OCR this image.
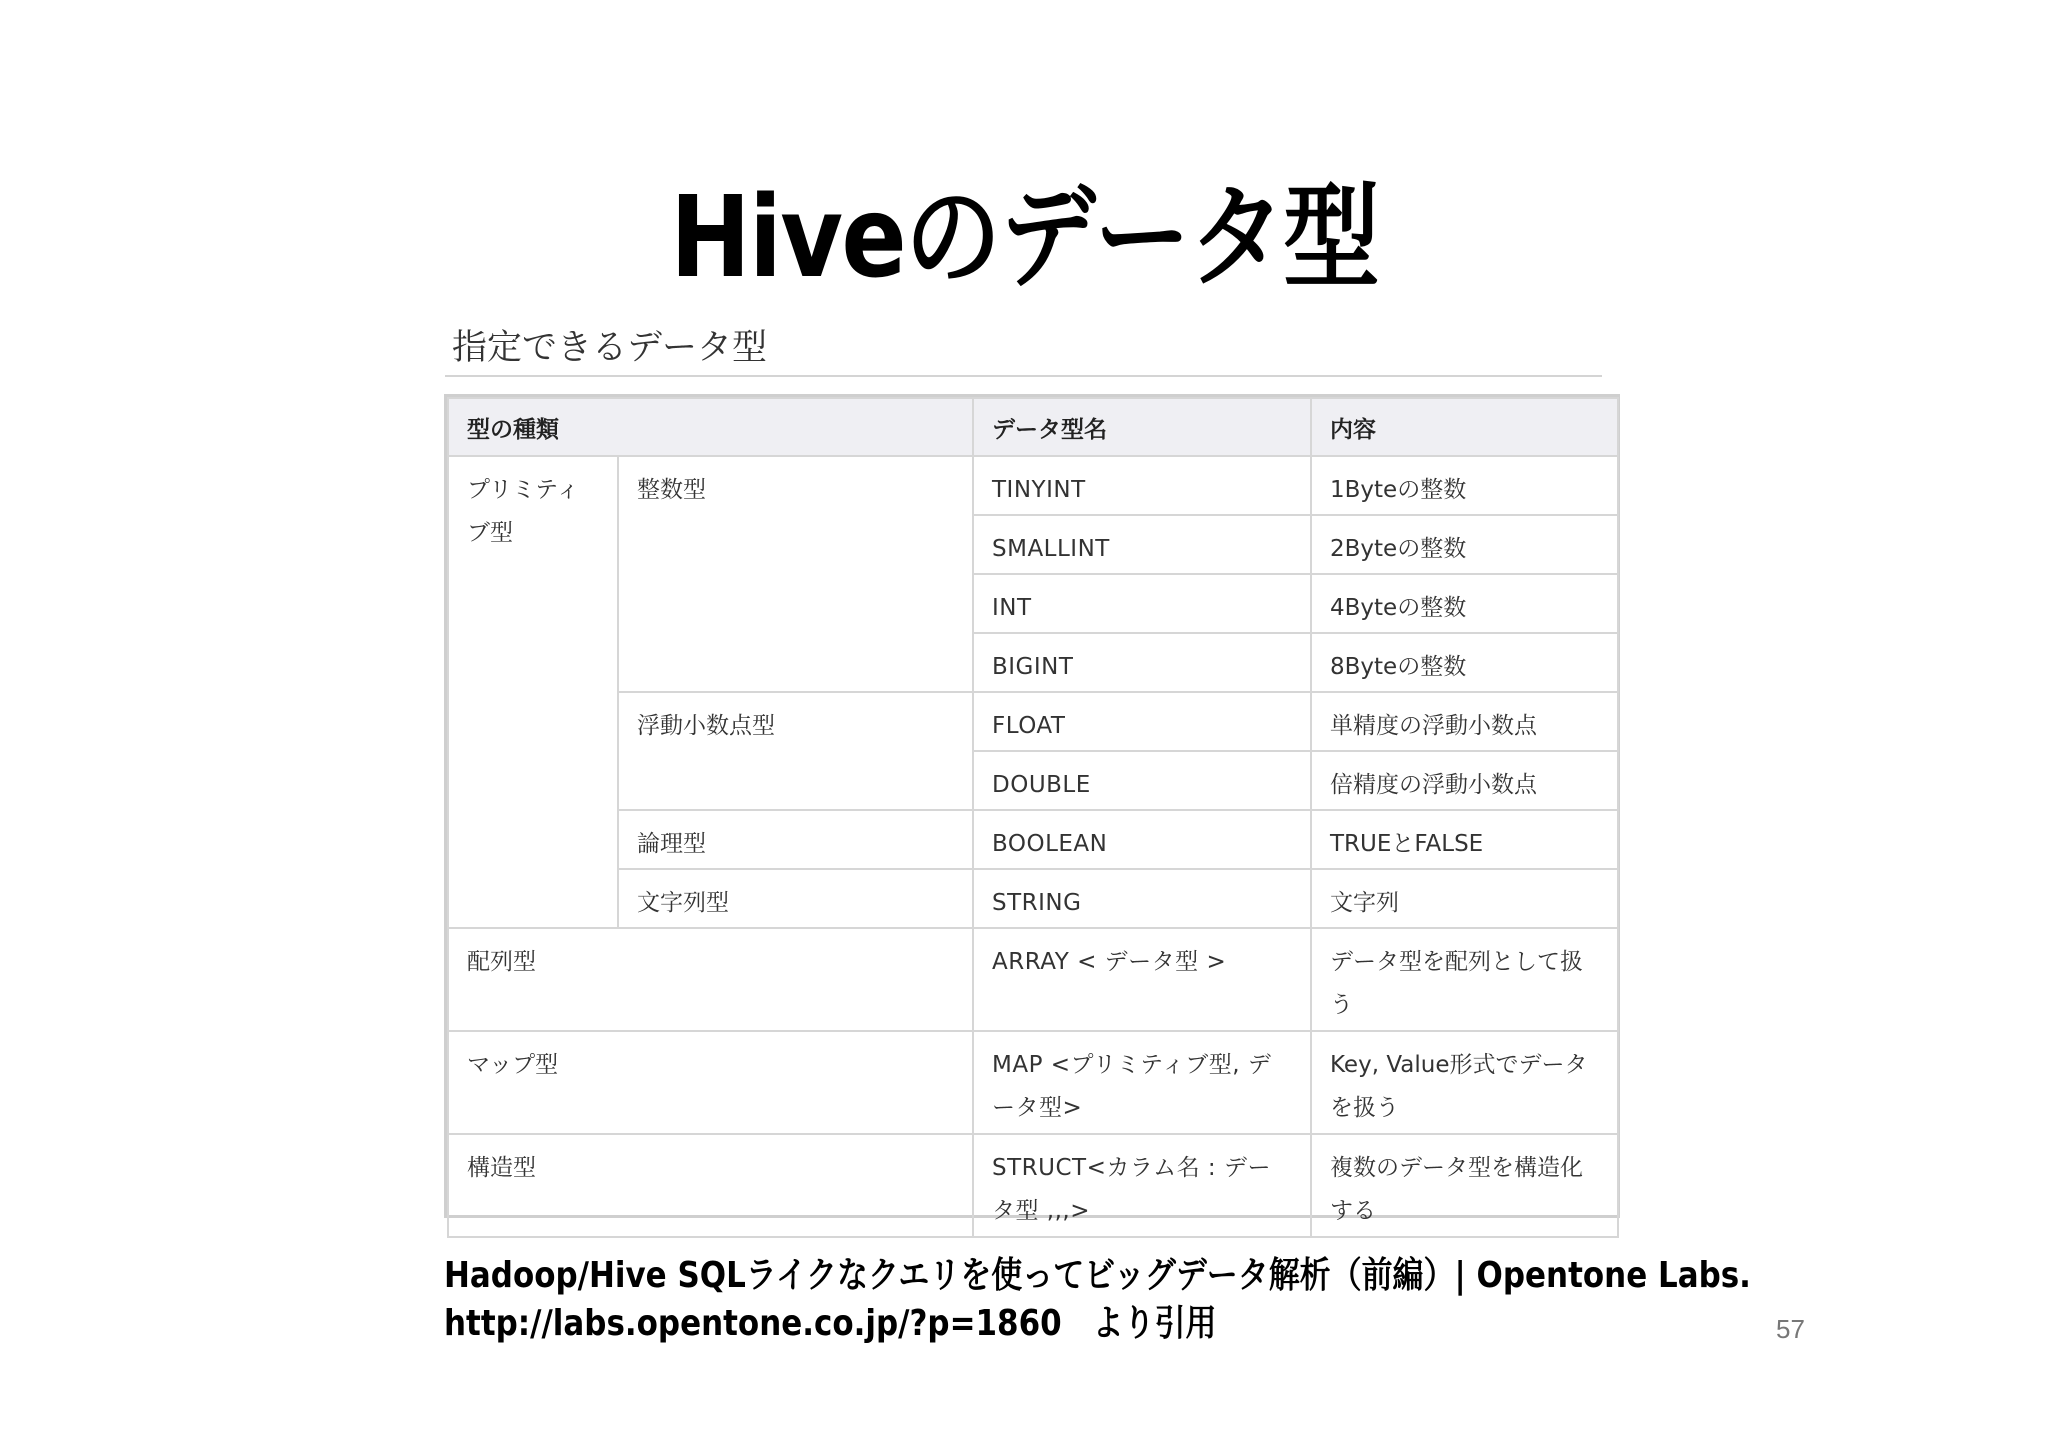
Hiveのデータ型
指定できるデータ型
型の種類		データ型名	内容
プリミティブ型	整数型	TINYINT	1Byteの整数
		SMALLINT	2Byteの整数
		INT	4Byteの整数
		BIGINT	8Byteの整数
	浮動小数点型	FLOAT	単精度の浮動小数点
		DOUBLE	倍精度の浮動小数点
	論理型	BOOLEAN	TRUEとFALSE
	文字列型	STRING	文字列
配列型		ARRAY < データ型 >	データ型を配列として扱う
マップ型		MAP <プリミティブ型, データ型>	Key, Value形式でデータを扱う
構造型		STRUCT<カラム名 : データ型 ,,,>	複数のデータ型を構造化する
Hadoop/Hive SQLライクなクエリを使ってビッグデータ解析（前編）| Opentone Labs.
http://labs.opentone.co.jp/?p=1860　より引用	57
